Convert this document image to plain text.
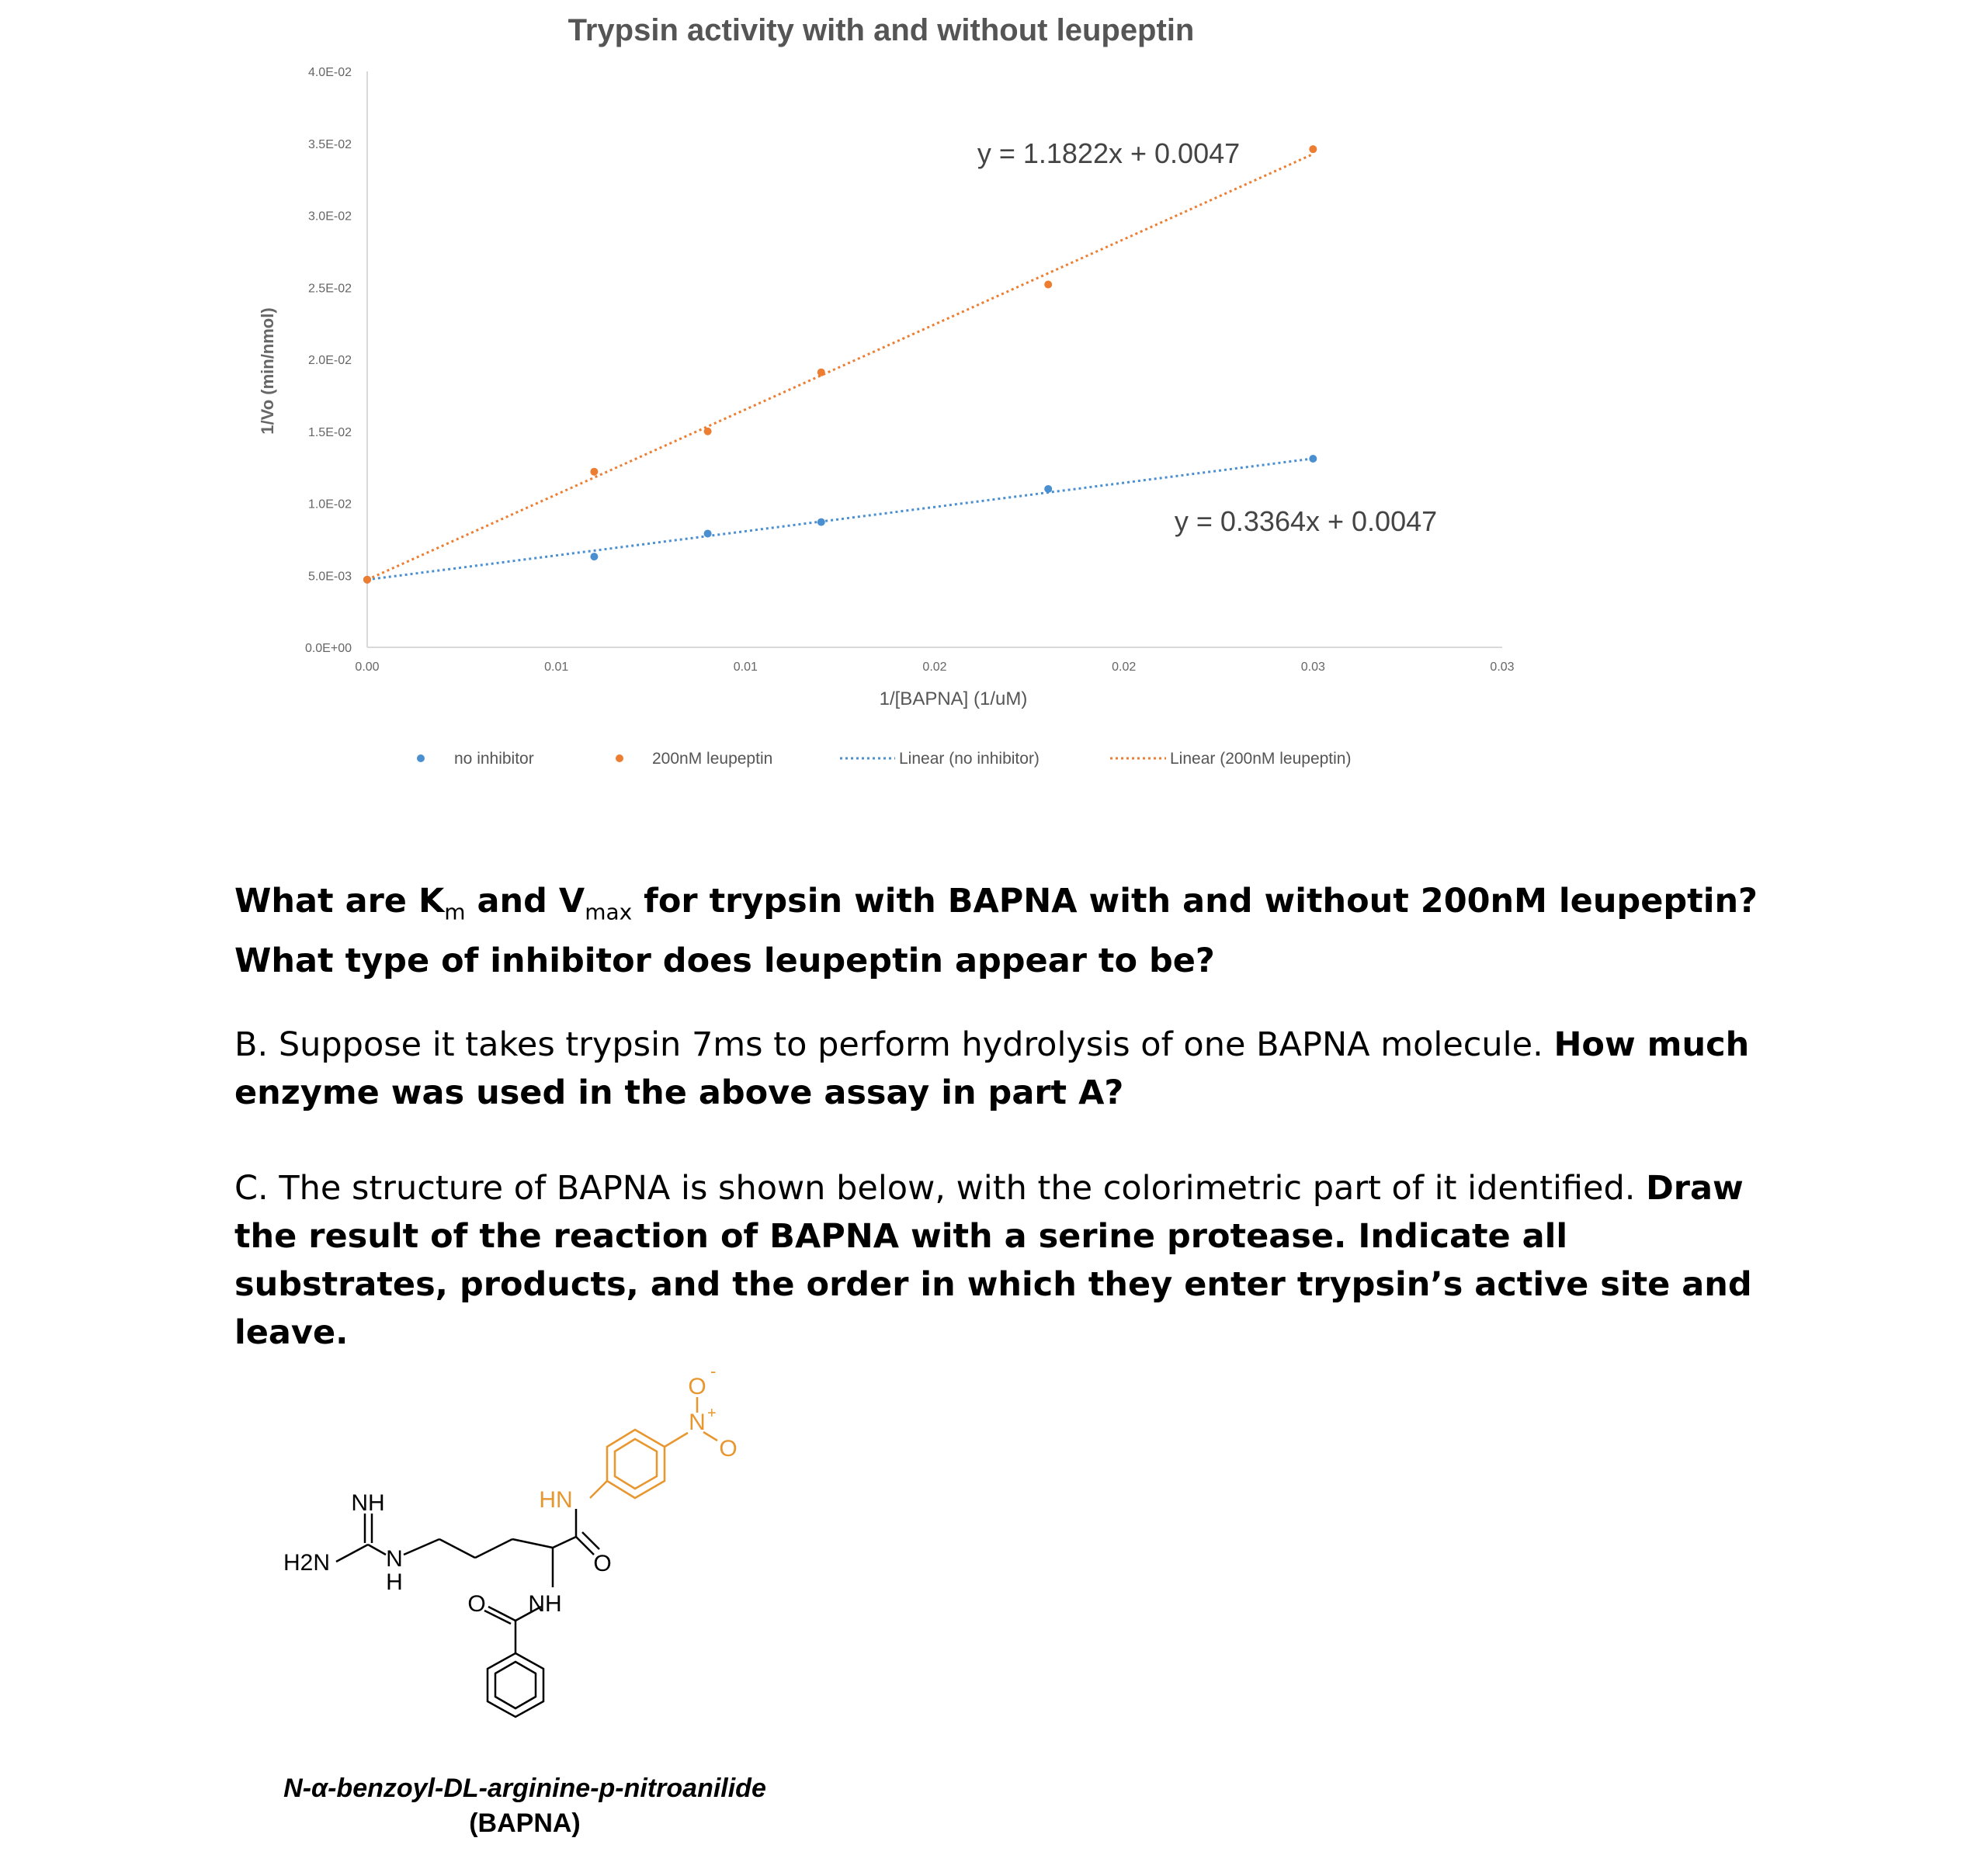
Trypsin activity with and without leupeptin
1/Vo (min/nmol)
1/[BAPNA] (1/uM)
0.0E+00
5.0E-03
1.0E-02
1.5E-02
2.0E-02
2.5E-02
3.0E-02
3.5E-02
4.0E-02
0.00	0.01	0.01	0.02	0.02	0.03	0.03
y = 1.1822x + 0.0047
y = 0.3364x + 0.0047
no inhibitor	200nM leupeptin	Linear (no inhibitor)	Linear (200nM leupeptin)
What are $K_m$ and $V_{max}$ for trypsin with BAPNA with and without 200nM leupeptin? What type of inhibitor does leupeptin appear to be?
B. Suppose it takes trypsin 7ms to perform hydrolysis of one BAPNA molecule. How much enzyme was used in the above assay in part A?
C. The structure of BAPNA is shown below, with the colorimetric part of it identified. Draw the result of the reaction of BAPNA with a serine protease. Indicate all substrates, products, and the order in which they enter trypsin’s active site and leave.
NH
H2N N
H
HN
O
O NH
O
-
N +
O
N-α-benzoyl-DL-arginine-p-nitroanilide
(BAPNA)
